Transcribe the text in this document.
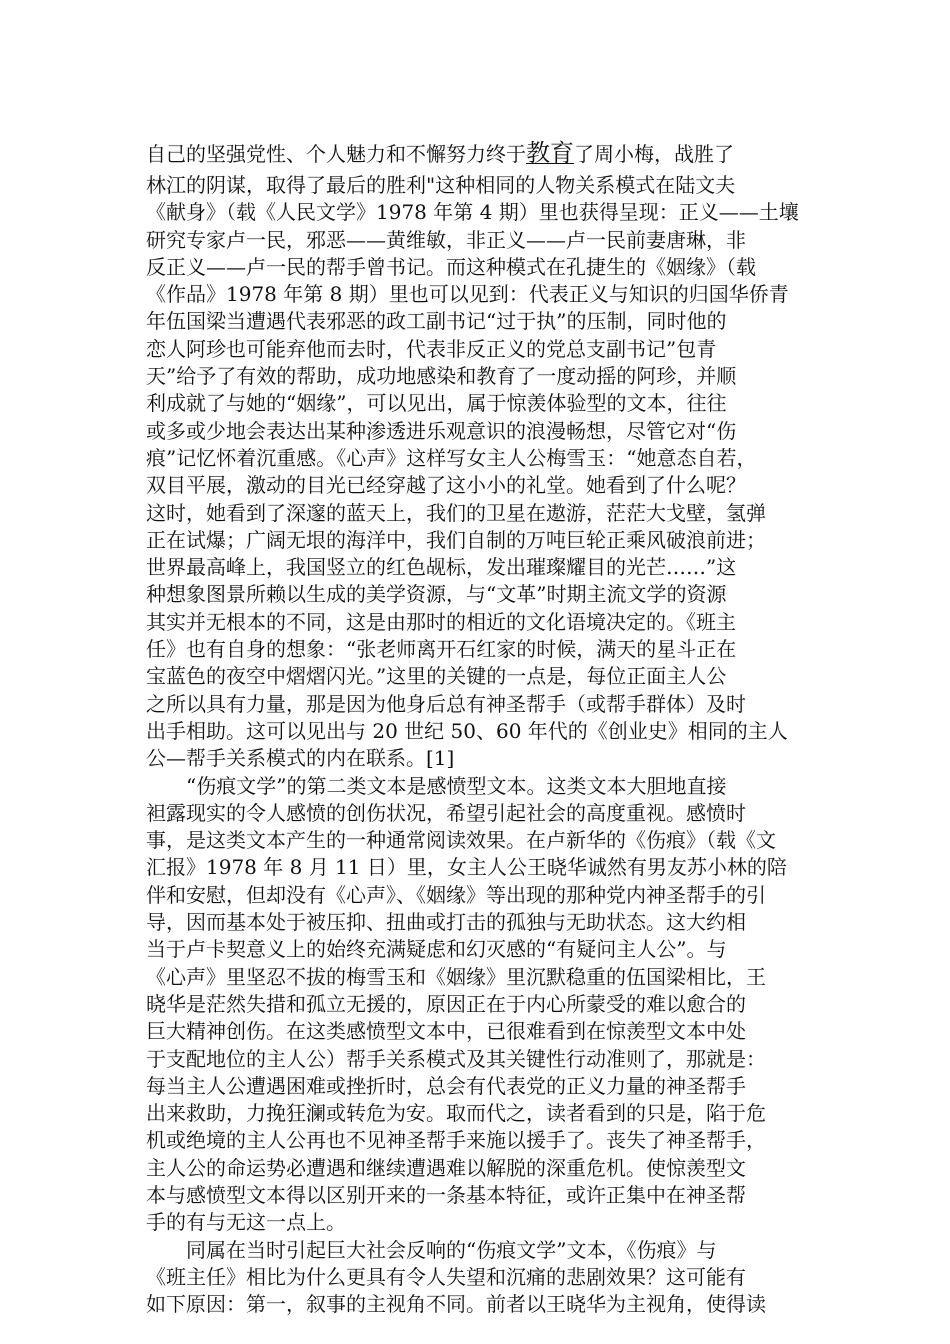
自己的坚强党性、个人魅力和不懈努力终于教育了周小梅，战胜了
林江的阴谋，取得了最后的胜利"这种相同的人物关系模式在陆文夫
《献身》（载《人民文学》1978 年第 4 期）里也获得呈现：正义——土壤
研究专家卢一民，邪恶——黄维敏，非正义——卢一民前妻唐琳，非
反正义——卢一民的帮手曾书记。而这种模式在孔捷生的《姻缘》（载
《作品》1978 年第 8 期）里也可以见到：代表正义与知识的归国华侨青
年伍国梁当遭遇代表邪恶的政工副书记“过于执”的压制，同时他的
恋人阿珍也可能弃他而去时，代表非反正义的党总支副书记”包青
天”给予了有效的帮助，成功地感染和教育了一度动摇的阿珍，并顺
利成就了与她的“姻缘”，可以见出，属于惊羡体验型的文本，往往
或多或少地会表达出某种渗透进乐观意识的浪漫畅想，尽管它对“伤
痕”记忆怀着沉重感。《心声》这样写女主人公梅雪玉：“她意态自若，
双目平展，激动的目光已经穿越了这小小的礼堂。她看到了什么呢？
这时，她看到了深邃的蓝天上，我们的卫星在遨游，茫茫大戈壁，氢弹
正在试爆；广阔无垠的海洋中，我们自制的万吨巨轮正乘风破浪前进；
世界最高峰上，我国竖立的红色觇标，发出璀璨耀目的光芒……”这
种想象图景所赖以生成的美学资源，与“文革”时期主流文学的资源
其实并无根本的不同，这是由那时的相近的文化语境决定的。《班主
任》也有自身的想象：“张老师离开石红家的时候，满天的星斗正在
宝蓝色的夜空中熠熠闪光。”这里的关键的一点是，每位正面主人公
之所以具有力量，那是因为他身后总有神圣帮手（或帮手群体）及时
出手相助。这可以见出与 20 世纪 50、60 年代的《创业史》相同的主人
公—帮手关系模式的内在联系。[1]
“伤痕文学”的第二类文本是感愤型文本。这类文本大胆地直接
袒露现实的令人感愤的创伤状况，希望引起社会的高度重视。感愤时
事，是这类文本产生的一种通常阅读效果。在卢新华的《伤痕》（载《文
汇报》1978 年 8 月 11 日）里，女主人公王晓华诚然有男友苏小林的陪
伴和安慰，但却没有《心声》、《姻缘》等出现的那种党内神圣帮手的引
导，因而基本处于被压抑、扭曲或打击的孤独与无助状态。这大约相
当于卢卡契意义上的始终充满疑虑和幻灭感的“有疑问主人公”。与
《心声》里坚忍不拔的梅雪玉和《姻缘》里沉默稳重的伍国梁相比，王
晓华是茫然失措和孤立无援的，原因正在于内心所蒙受的难以愈合的
巨大精神创伤。在这类感愤型文本中，已很难看到在惊羡型文本中处
于支配地位的主人公）帮手关系模式及其关键性行动准则了，那就是：
每当主人公遭遇困难或挫折时，总会有代表党的正义力量的神圣帮手
出来救助，力挽狂澜或转危为安。取而代之，读者看到的只是，陷于危
机或绝境的主人公再也不见神圣帮手来施以援手了。丧失了神圣帮手，
主人公的命运势必遭遇和继续遭遇难以解脱的深重危机。使惊羡型文
本与感愤型文本得以区别开来的一条基本特征，或许正集中在神圣帮
手的有与无这一点上。
同属在当时引起巨大社会反响的“伤痕文学”文本，《伤痕》与
《班主任》相比为什么更具有令人失望和沉痛的悲剧效果？这可能有
如下原因：第一，叙事的主视角不同。前者以王晓华为主视角，使得读
